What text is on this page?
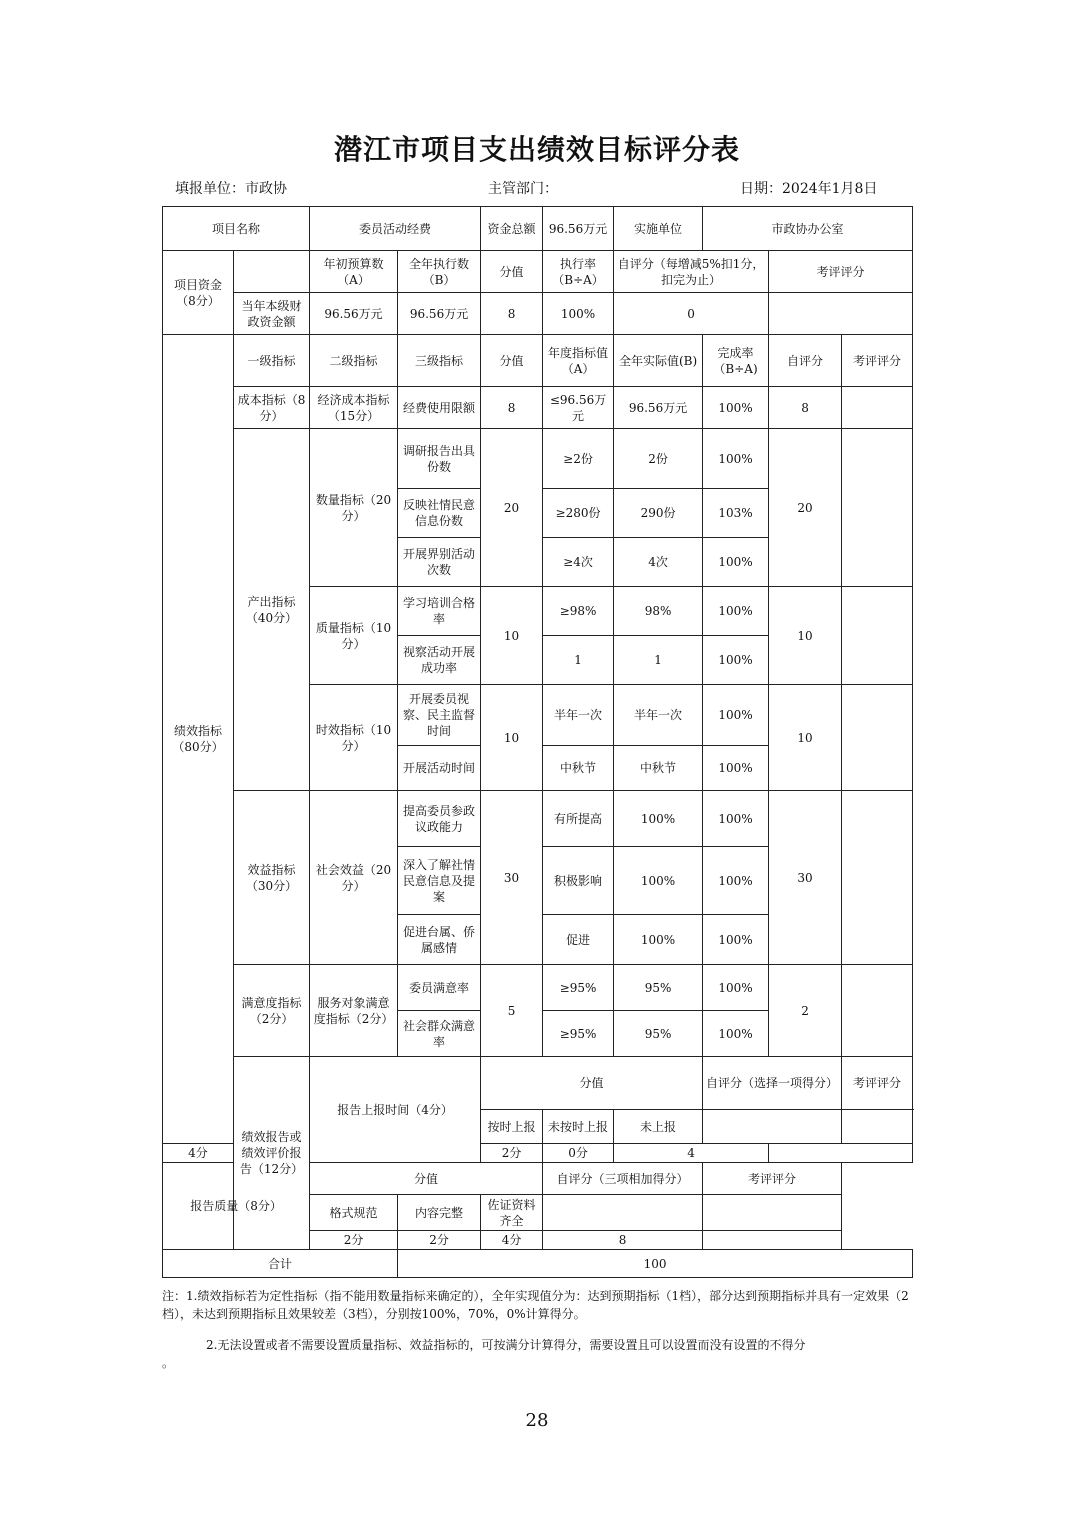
潜江市项目支出绩效目标评分表
填报单位：市政协	主管部门：	日期：2024年1月8日
项目名称		委员活动经费		资金总额	96.56万元	实施单位	市政协办公室		
项目资金（8分）		年初预算数（A）	全年执行数（B）	分值	执行率（B÷A）	自评分（每增减5%扣1分，扣完为止）		考评评分	
	当年本级财政资金额	96.56万元	96.56万元	8	100%	0			
绩效指标（80分）	一级指标	二级指标	三级指标	分值	年度指标值（A）	全年实际值(B)	完成率（B÷A)	自评分	考评评分
	成本指标（8分）	经济成本指标（15分）	经费使用限额	8	≤96.56万元	96.56万元	100%	8	
	产出指标（40分）	数量指标（20分）	调研报告出具份数	20	≥2份	2份	100%	20	
			反映社情民意信息份数		≥280份	290份	103%		
			开展界别活动次数		≥4次	4次	100%		
		质量指标（10分）	学习培训合格率	10	≥98%	98%	100%	10	
			视察活动开展成功率		1	1	100%		
		时效指标（10分）	开展委员视察、民主监督时间	10	半年一次	半年一次	100%	10	
			开展活动时间		中秋节	中秋节	100%		
	效益指标（30分）	社会效益（20分）	提高委员参政议政能力	30	有所提高	100%	100%	30	
			深入了解社情民意信息及提案		积极影响	100%	100%		
			促进台属、侨属感情		促进	100%	100%		
	满意度指标（2分）	服务对象满意度指标（2分）	委员满意率	5	≥95%	95%	100%	2	
			社会群众满意率		≥95%	95%	100%		
	绩效报告或绩效评价报告（12分）	报告上报时间（4分）		分值			自评分（选择一项得分）		考评评分
				按时上报	未按时上报	未上报			
4分				2分	0分	4			
报告质量（8分）		分值			自评分（三项相加得分）		考评评分		
		格式规范	内容完整	佐证资料齐全					
		2分	2分	4分	8				
合计			100						
注：1.绩效指标若为定性指标（指不能用数量指标来确定的），全年实现值分为：达到预期指标（1档），部分达到预期指标并具有一定效果（2档），未达到预期指标且效果较差（3档），分别按100%，70%，0%计算得分。
2.无法设置或者不需要设置质量指标、效益指标的，可按满分计算得分，需要设置且可以设置而没有设置的不得分
。
28
